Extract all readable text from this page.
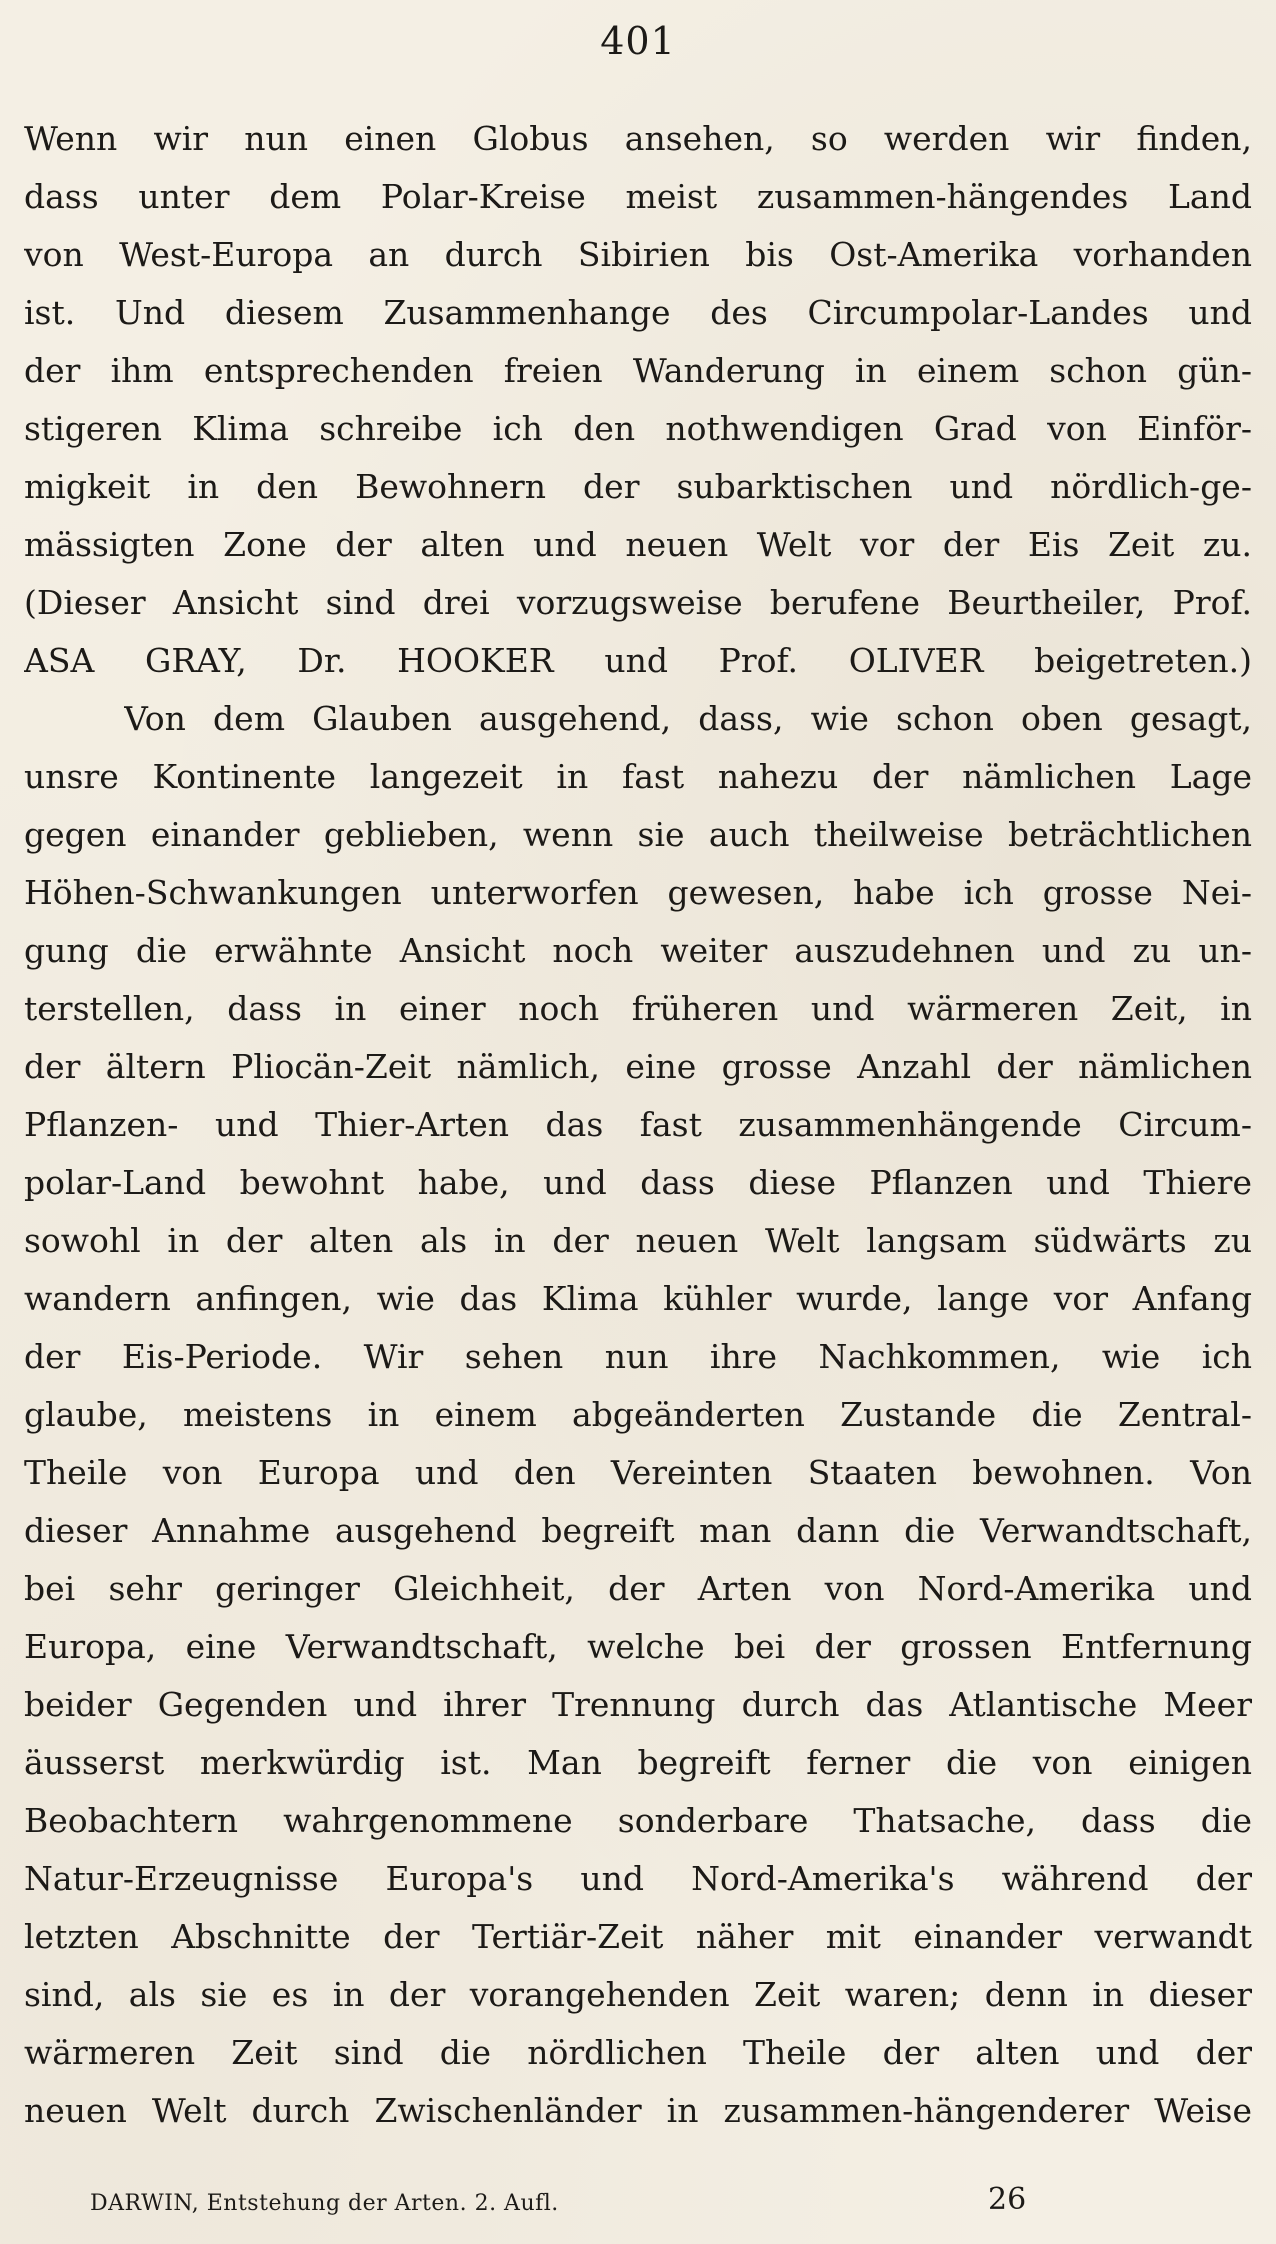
401
Wenn wir nun einen Globus ansehen, so werden wir finden,
dass unter dem Polar-Kreise meist zusammen-hängendes Land
von West-Europa an durch Sibirien bis Ost-Amerika vorhanden
ist. Und diesem Zusammenhange des Circumpolar-Landes und
der ihm entsprechenden freien Wanderung in einem schon gün-
stigeren Klima schreibe ich den nothwendigen Grad von Einför-
migkeit in den Bewohnern der subarktischen und nördlich-ge-
mässigten Zone der alten und neuen Welt vor der Eis Zeit zu.
(Dieser Ansicht sind drei vorzugsweise berufene Beurtheiler, Prof.
ASA GRAY, Dr. HOOKER und Prof. OLIVER beigetreten.)
Von dem Glauben ausgehend, dass, wie schon oben gesagt,
unsre Kontinente langezeit in fast nahezu der nämlichen Lage
gegen einander geblieben, wenn sie auch theilweise beträchtlichen
Höhen-Schwankungen unterworfen gewesen, habe ich grosse Nei-
gung die erwähnte Ansicht noch weiter auszudehnen und zu un-
terstellen, dass in einer noch früheren und wärmeren Zeit, in
der ältern Pliocän-Zeit nämlich, eine grosse Anzahl der nämlichen
Pflanzen- und Thier-Arten das fast zusammenhängende Circum-
polar-Land bewohnt habe, und dass diese Pflanzen und Thiere
sowohl in der alten als in der neuen Welt langsam südwärts zu
wandern anfingen, wie das Klima kühler wurde, lange vor Anfang
der Eis-Periode. Wir sehen nun ihre Nachkommen, wie ich
glaube, meistens in einem abgeänderten Zustande die Zentral-
Theile von Europa und den Vereinten Staaten bewohnen. Von
dieser Annahme ausgehend begreift man dann die Verwandtschaft,
bei sehr geringer Gleichheit, der Arten von Nord-Amerika und
Europa, eine Verwandtschaft, welche bei der grossen Entfernung
beider Gegenden und ihrer Trennung durch das Atlantische Meer
äusserst merkwürdig ist. Man begreift ferner die von einigen
Beobachtern wahrgenommene sonderbare Thatsache, dass die
Natur-Erzeugnisse Europa's und Nord-Amerika's während der
letzten Abschnitte der Tertiär-Zeit näher mit einander verwandt
sind, als sie es in der vorangehenden Zeit waren; denn in dieser
wärmeren Zeit sind die nördlichen Theile der alten und der
neuen Welt durch Zwischenländer in zusammen-hängenderer Weise
DARWIN, Entstehung der Arten. 2. Aufl.	26
